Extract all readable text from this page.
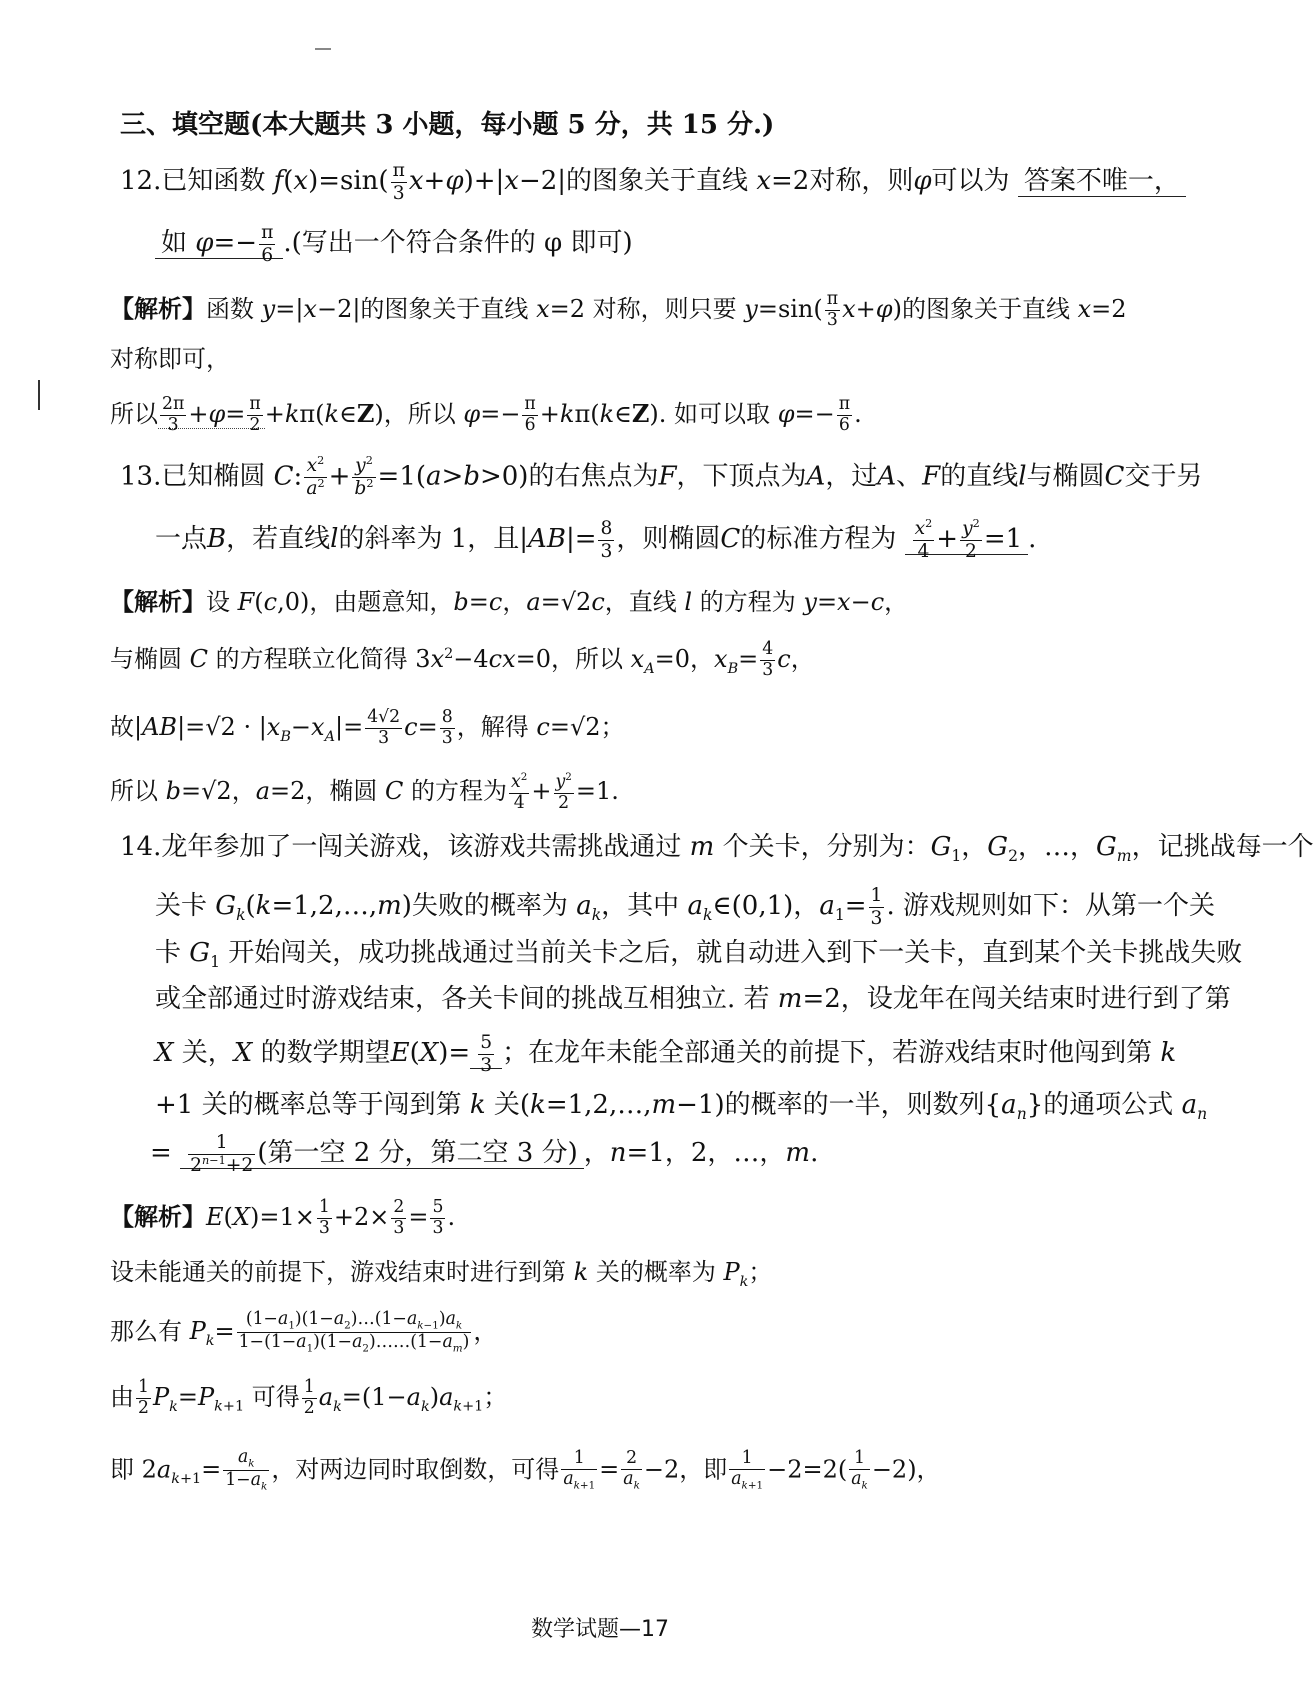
三、填空题(本大题共 3 小题，每小题 5 分，共 15 分.)
12.已知函数 $f(x)=\sin( \frac{\pi}{3} x+\varphi)+|x-2|$的图象关于直线 x=2对称，则φ可以为 答案不唯一，
如 $\varphi=- \frac{\pi}{6}$ .(写出一个符合条件的 φ 即可)
【解析】函数 y=|x−2|的图象关于直线 x=2 对称，则只要 $y=\sin( \frac{\pi}{3} x+\varphi)$的图象关于直线 x=2
对称即可，
所以 $\frac{2\pi}{3} +\varphi= \frac{\pi}{2}$ +kπ(k∈Z)，所以 $\varphi=- \frac{\pi}{6}$ +kπ(k∈Z). 如可以取 $\varphi=- \frac{\pi}{6}$ .
13.已知椭圆 C: $\frac{x^2}{a^2} + \frac{y^2}{b^2} =1(a>b>0)$的右焦点为F，下顶点为A，过A、F的直线l与椭圆C交于另
一点B，若直线l的斜率为 1，且$|AB|= \frac{8}{3}$ ，则椭圆C的标准方程为 $\frac{x^2}{4} + \frac{y^2}{2} =1$ .
【解析】设 F(c,0)，由题意知，b=c，a=√2c，直线 l 的方程为 y=x−c，
与椭圆 C 的方程联立化简得 $3x^2-4cx=0$，所以 $x_A=0$，$x_B= \frac{4}{3}$ c，
故$|AB|=√2 \cdot |x_B-x_A|= \frac{4√2}{3} c= \frac{8}{3}$ ，解得 c=√2；
所以 b=√2，a=2，椭圆 C 的方程为 $\frac{x^2}{4} + \frac{y^2}{2} =1$.
14.龙年参加了一闯关游戏，该游戏共需挑战通过 m 个关卡，分别为：$G_1$，$G_2$，…，$G_m$，记挑战每一个
关卡 $G_k(k=1,2,\dots,m)$失败的概率为 $a_k$，其中 $a_k\in(0,1)$，$a_1= \frac{1}{3}$ . 游戏规则如下：从第一个关
卡 $G_1$ 开始闯关，成功挑战通过当前关卡之后，就自动进入到下一关卡，直到某个关卡挑战失败
或全部通过时游戏结束，各关卡间的挑战互相独立. 若 m=2，设龙年在闯关结束时进行到了第
X 关，X 的数学期望$E(X)= \frac{5}{3}$ ；在龙年未能全部通关的前提下，若游戏结束时他闯到第 k
+1 关的概率总等于闯到第 k 关(k=1,2,…,m−1)的概率的一半，则数列$\{a_n\}$的通项公式 $a_n$
= $\frac{1}{2^{n-1}+2}$ (第一空 2 分，第二空 3 分) ，n=1，2，…，m.
【解析】$E(X)=1\times \frac{1}{3} +2\times \frac{2}{3} = \frac{5}{3}$ .
设未能通关的前提下，游戏结束时进行到第 k 关的概率为 $P_k$；
那么有 $P_k= \frac{(1-a_1)(1-a_2)\dots(1-a_{k-1})a_k}{1-(1-a_1)(1-a_2)\dots\dots(1-a_m)}$ ，
由 $\frac{1}{2} P_k=P_{k+1}$ 可得 $\frac{1}{2} a_k=(1-a_k)a_{k+1}$；
即 $2a_{k+1}= \frac{a_k}{1-a_k}$ ，对两边同时取倒数，可得 $\frac{1}{a_{k+1}} = \frac{2}{a_k} -2$，即 $\frac{1}{a_{k+1}} -2=2( \frac{1}{a_k} -2)$，
数学试题—17
